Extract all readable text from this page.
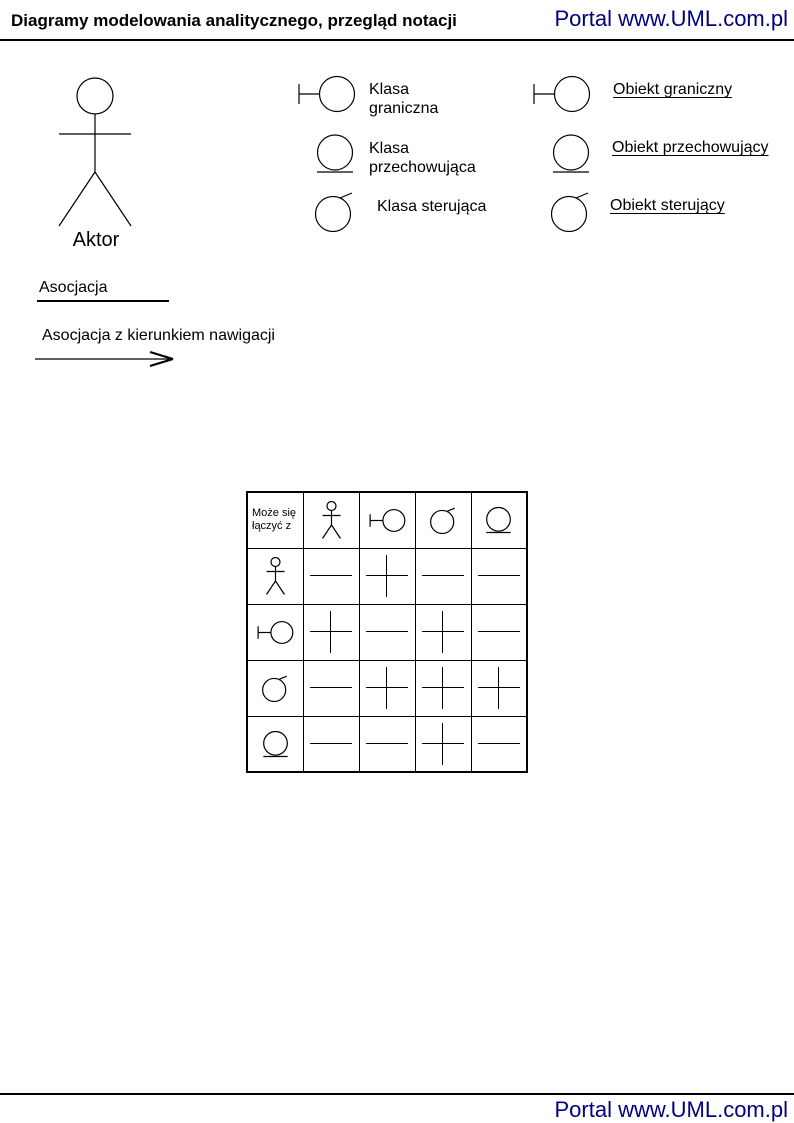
Diagramy modelowania analitycznego, przegląd notacji	Portal www.UML.com.pl
Aktor
Klasa
graniczna
Klasa
przechowująca
Klasa sterująca
Obiekt graniczny
Obiekt przechowujący
Obiekt sterujący
Asocjacja
Asocjacja z kierunkiem nawigacji
Może się
łączyć z

Portal www.UML.com.pl
